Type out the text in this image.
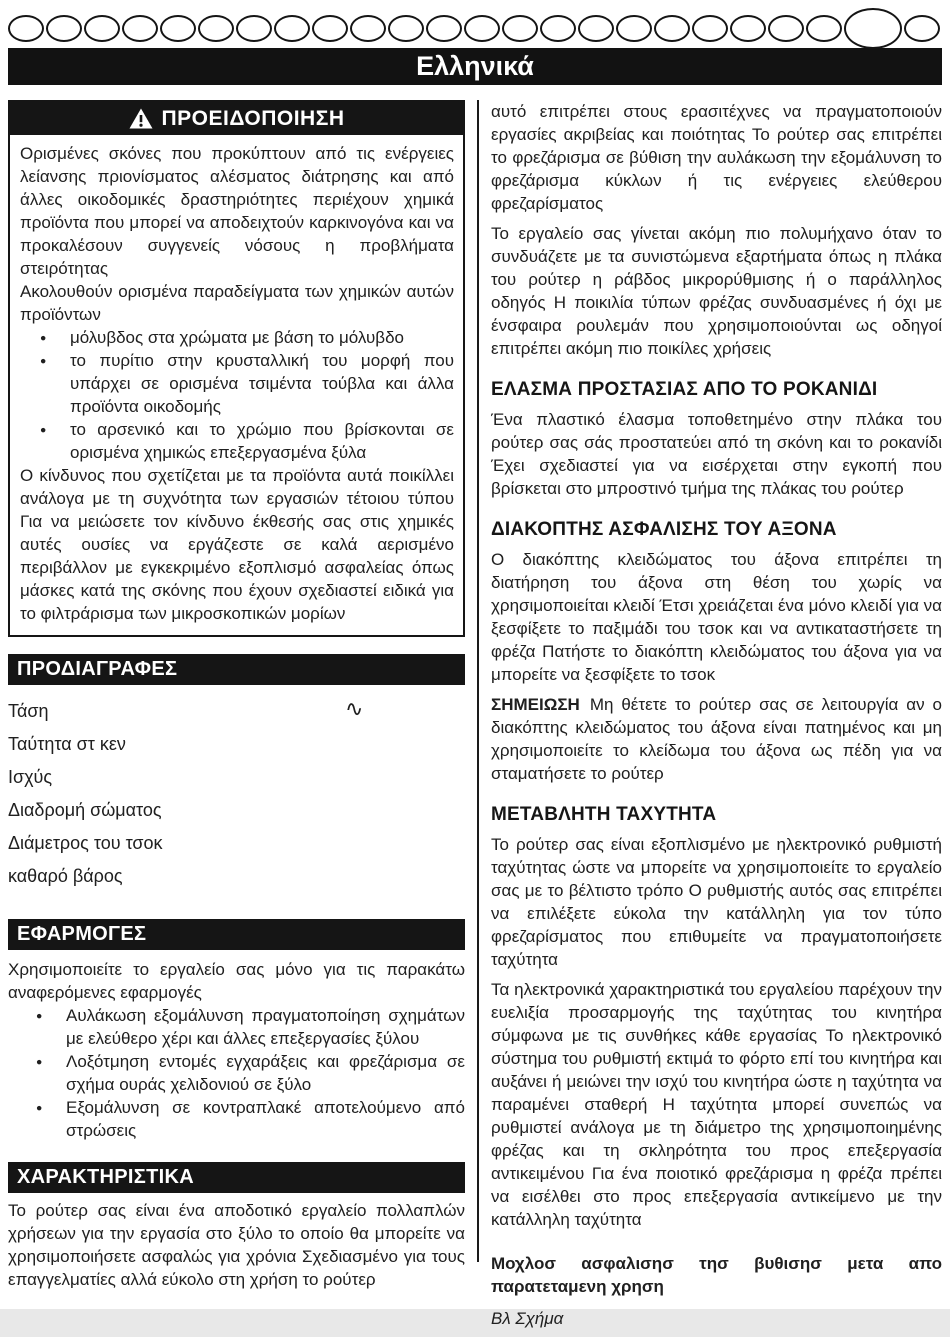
Ελληνικά
ΠΡΟΕΙΔΟΠΟΙΗΣΗ

Ορισμένες σκόνες που προκύπτουν από τις ενέργειες λείανσης πριονίσματος αλέσματος διάτρησης και από άλλες οικοδομικές δραστηριότητες περιέχουν χημικά προϊόντα που μπορεί να αποδειχτούν καρκινογόνα και να προκαλέσουν συγγενείς νόσους η προβλήματα στειρότητας

Ακολουθούν ορισμένα παραδείγματα των χημικών αυτών προϊόντων

● μόλυβδος στα χρώματα με βάση το μόλυβδο
● το πυρίτιο στην κρυσταλλική του μορφή που υπάρχει σε ορισμένα τσιμέντα τούβλα και άλλα προϊόντα οικοδομής
● το αρσενικό και το χρώμιο που βρίσκονται σε ορισμένα χημικώς επεξεργασμένα ξύλα

Ο κίνδυνος που σχετίζεται με τα προϊόντα αυτά ποικίλλει ανάλογα με τη συχνότητα των εργασιών τέτοιου τύπου Για να μειώσετε τον κίνδυνο έκθεσής σας στις χημικές αυτές ουσίες να εργάζεστε σε καλά αερισμένο περιβάλλον με εγκεκριμένο εξοπλισμό ασφαλείας όπως μάσκες κατά της σκόνης που έχουν σχεδιαστεί ειδικά για το φιλτράρισμα των μικροσκοπικών μορίων

ΠΡΟΔΙΑΓΡΑΦΕΣ
Τάση	∿
Ταύτητα στ κεν
Ισχύς
Διαδρομή σώματος
Διάμετρος του τσοκ
καθαρό βάρος
ΕΦΑΡΜΟΓΕΣ

Χρησιμοποιείτε το εργαλείο σας μόνο για τις παρακάτω αναφερόμενες εφαρμογές

● Αυλάκωση εξομάλυνση πραγματοποίηση σχημάτων με ελεύθερο χέρι και άλλες επεξεργασίες ξύλου
● Λοξότμηση εντομές εγχαράξεις και φρεζάρισμα σε σχήμα ουράς χελιδονιού σε ξύλο
● Εξομάλυνση σε κοντραπλακέ αποτελούμενο από στρώσεις
ΧΑΡΑΚΤΗΡΙΣΤΙΚΑ

Το ρούτερ σας είναι ένα αποδοτικό εργαλείο πολλαπλών χρήσεων για την εργασία στο ξύλο το οποίο θα μπορείτε να χρησιμοποιήσετε ασφαλώς για χρόνια Σχεδιασμένο για τους επαγγελματίες αλλά εύκολο στη χρήση το ρούτερ

αυτό επιτρέπει στους ερασιτέχνες να πραγματοποιούν εργασίες ακριβείας και ποιότητας Το ρούτερ σας επιτρέπει το φρεζάρισμα σε βύθιση την αυλάκωση την εξομάλυνση το φρεζάρισμα κύκλων ή τις ενέργειες ελεύθερου φρεζαρίσματος

Το εργαλείο σας γίνεται ακόμη πιο πολυμήχανο όταν το συνδυάζετε με τα συνιστώμενα εξαρτήματα όπως η πλάκα του ρούτερ η ράβδος μικρορύθμισης ή ο παράλληλος οδηγός Η ποικιλία τύπων φρέζας συνδυασμένες ή όχι με ένσφαιρα ρουλεμάν που χρησιμοποιούνται ως οδηγοί επιτρέπει ακόμη πιο ποικίλες χρήσεις

ΕΛΑΣΜΑ ΠΡΟΣΤΑΣΙΑΣ ΑΠΟ ΤΟ ΡΟΚΑΝΙΔΙ

Ένα πλαστικό έλασμα τοποθετημένο στην πλάκα του ρούτερ σας σάς προστατεύει από τη σκόνη και το ροκανίδι Έχει σχεδιαστεί για να εισέρχεται στην εγκοπή που βρίσκεται στο μπροστινό τμήμα της πλάκας του ρούτερ

ΔΙΑΚΟΠΤΗΣ ΑΣΦΑΛΙΣΗΣ ΤΟΥ ΑΞΟΝΑ

Ο διακόπτης κλειδώματος του άξονα επιτρέπει τη διατήρηση του άξονα στη θέση του χωρίς να χρησιμοποιείται κλειδί Έτσι χρειάζεται ένα μόνο κλειδί για να ξεσφίξετε το παξιμάδι του τσοκ και να αντικαταστήσετε τη φρέζα Πατήστε το διακόπτη κλειδώματος του άξονα για να μπορείτε να ξεσφίξετε το τσοκ

ΣΗΜΕΙΩΣΗ Μη θέτετε το ρούτερ σας σε λειτουργία αν ο διακόπτης κλειδώματος του άξονα είναι πατημένος και μη χρησιμοποιείτε το κλείδωμα του άξονα ως πέδη για να σταματήσετε το ρούτερ

ΜΕΤΑΒΛΗΤΗ ΤΑΧΥΤΗΤΑ

Το ρούτερ σας είναι εξοπλισμένο με ηλεκτρονικό ρυθμιστή ταχύτητας ώστε να μπορείτε να χρησιμοποιείτε το εργαλείο σας με το βέλτιστο τρόπο Ο ρυθμιστής αυτός σας επιτρέπει να επιλέξετε εύκολα την κατάλληλη για τον τύπο φρεζαρίσματος που επιθυμείτε να πραγματοποιήσετε ταχύτητα

Τα ηλεκτρονικά χαρακτηριστικά του εργαλείου παρέχουν την ευελιξία προσαρμογής της ταχύτητας του κινητήρα σύμφωνα με τις συνθήκες κάθε εργασίας Το ηλεκτρονικό σύστημα του ρυθμιστή εκτιμά το φόρτο επί του κινητήρα και αυξάνει ή μειώνει την ισχύ του κινητήρα ώστε η ταχύτητα να παραμένει σταθερή Η ταχύτητα μπορεί συνεπώς να ρυθμιστεί ανάλογα με τη διάμετρο της χρησιμοποιημένης φρέζας και τη σκληρότητα του προς επεξεργασία αντικειμένου Για ένα ποιοτικό φρεζάρισμα η φρέζα πρέπει να εισέλθει στο προς επεξεργασία αντικείμενο με την κατάλληλη ταχύτητα

Μοχλοσ ασφαλισησ τησ βυθισησ μετα απο παρατεταμενη χρηση

Βλ Σχήμα
